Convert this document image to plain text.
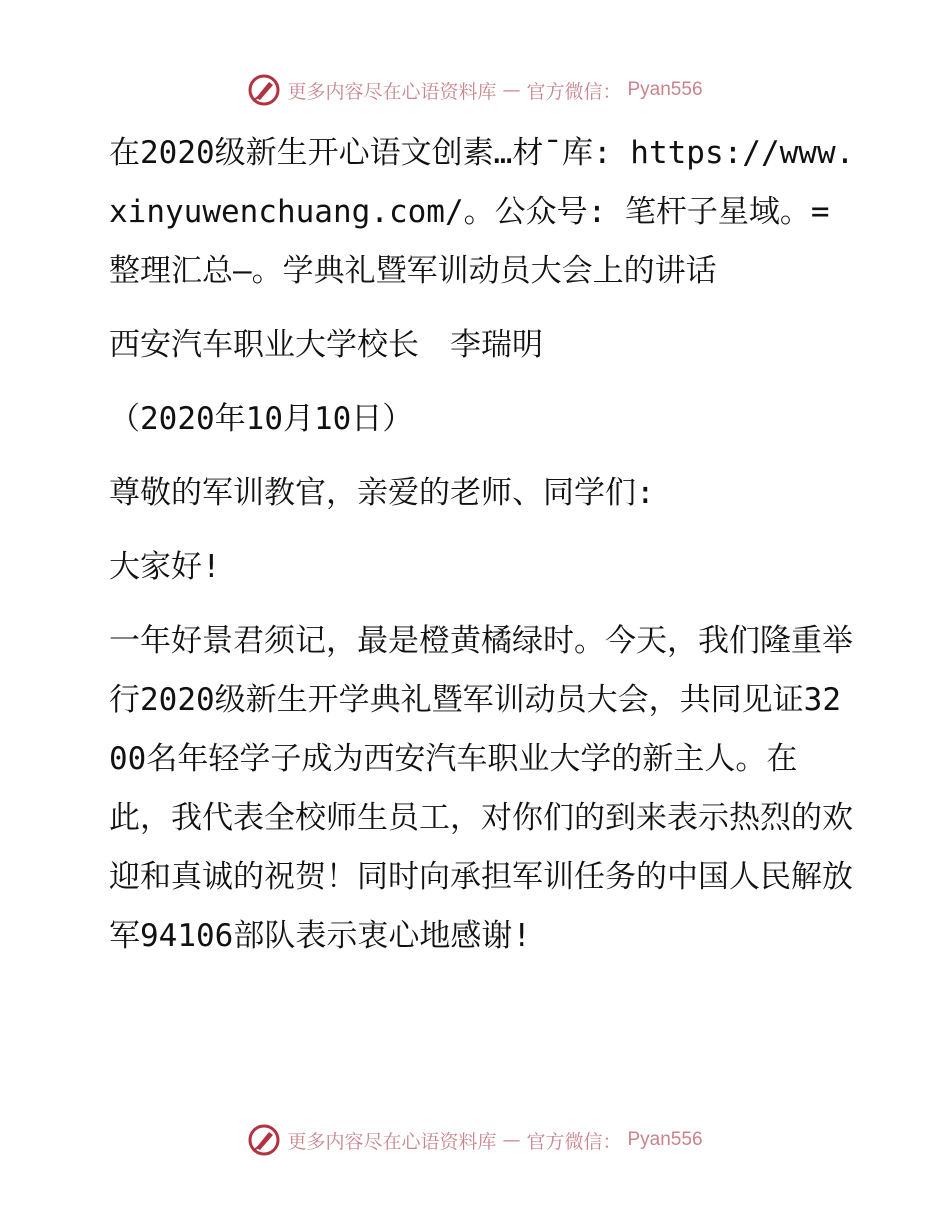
更多内容尽在心语资料库 — 官方微信： Pyan556

在2020级新生开心语文创素…材¯库: https://www.xinyuwenchuang.com/。公众号: 笔杆子星域。=整理汇总—。学典礼暨军训动员大会上的讲话

西安汽车职业大学校长　李瑞明

（2020年10月10日）

尊敬的军训教官，亲爱的老师、同学们:

大家好!

一年好景君须记，最是橙黄橘绿时。今天，我们隆重举行2020级新生开学典礼暨军训动员大会，共同见证3200名年轻学子成为西安汽车职业大学的新主人。在此，我代表全校师生员工，对你们的到来表示热烈的欢迎和真诚的祝贺！同时向承担军训任务的中国人民解放军94106部队表示衷心地感谢!

更多内容尽在心语资料库 — 官方微信： Pyan556
